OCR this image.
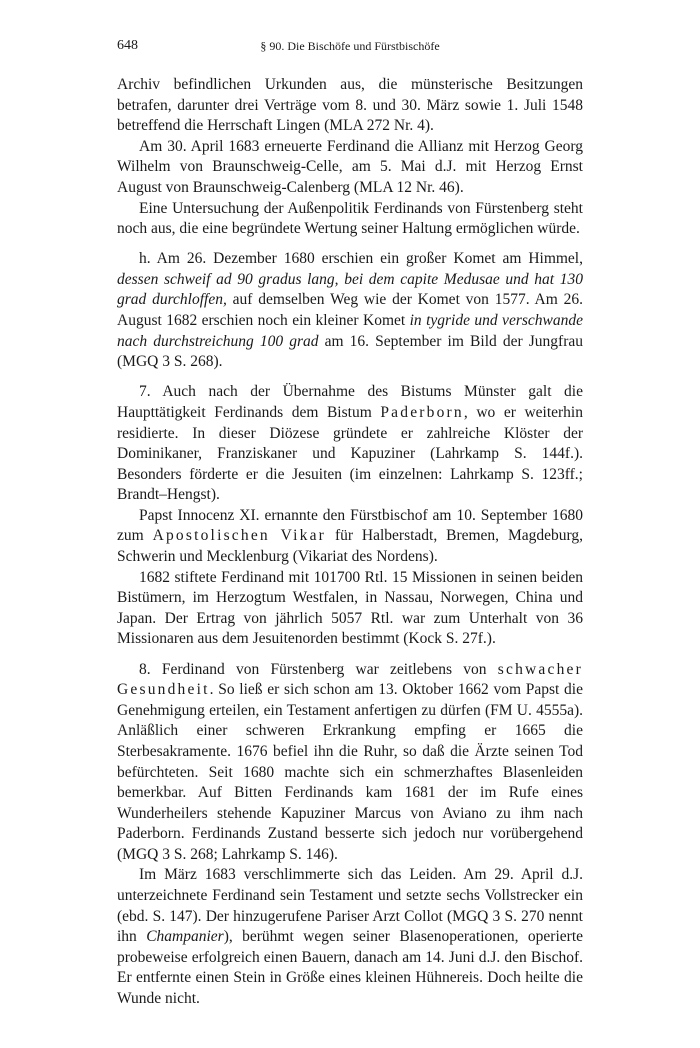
648	§ 90. Die Bischöfe und Fürstbischöfe

Archiv befindlichen Urkunden aus, die münsterische Besitzungen betrafen, darunter drei Verträge vom 8. und 30. März sowie 1. Juli 1548 betreffend die Herrschaft Lingen (MLA 272 Nr. 4).

Am 30. April 1683 erneuerte Ferdinand die Allianz mit Herzog Georg Wilhelm von Braunschweig-Celle, am 5. Mai d.J. mit Herzog Ernst August von Braunschweig-Calenberg (MLA 12 Nr. 46).

Eine Untersuchung der Außenpolitik Ferdinands von Fürstenberg steht noch aus, die eine begründete Wertung seiner Haltung ermöglichen würde.

h. Am 26. Dezember 1680 erschien ein großer Komet am Himmel, dessen schweif ad 90 gradus lang, bei dem capite Medusae und hat 130 grad durchloffen, auf demselben Weg wie der Komet von 1577. Am 26. August 1682 erschien noch ein kleiner Komet in tygride und verschwande nach durchstreichung 100 grad am 16. September im Bild der Jungfrau (MGQ 3 S. 268).

7. Auch nach der Übernahme des Bistums Münster galt die Haupttätigkeit Ferdinands dem Bistum Paderborn, wo er weiterhin residierte. In dieser Diözese gründete er zahlreiche Klöster der Dominikaner, Franziskaner und Kapuziner (Lahrkamp S. 144f.). Besonders förderte er die Jesuiten (im einzelnen: Lahrkamp S. 123ff.; Brandt–Hengst).

Papst Innocenz XI. ernannte den Fürstbischof am 10. September 1680 zum Apostolischen Vikar für Halberstadt, Bremen, Magdeburg, Schwerin und Mecklenburg (Vikariat des Nordens).

1682 stiftete Ferdinand mit 101700 Rtl. 15 Missionen in seinen beiden Bistümern, im Herzogtum Westfalen, in Nassau, Norwegen, China und Japan. Der Ertrag von jährlich 5057 Rtl. war zum Unterhalt von 36 Missionaren aus dem Jesuitenorden bestimmt (Kock S. 27f.).

8. Ferdinand von Fürstenberg war zeitlebens von schwacher Gesundheit. So ließ er sich schon am 13. Oktober 1662 vom Papst die Genehmigung erteilen, ein Testament anfertigen zu dürfen (FM U. 4555a). Anläßlich einer schweren Erkrankung empfing er 1665 die Sterbesakramente. 1676 befiel ihn die Ruhr, so daß die Ärzte seinen Tod befürchteten. Seit 1680 machte sich ein schmerzhaftes Blasenleiden bemerkbar. Auf Bitten Ferdinands kam 1681 der im Rufe eines Wunderheilers stehende Kapuziner Marcus von Aviano zu ihm nach Paderborn. Ferdinands Zustand besserte sich jedoch nur vorübergehend (MGQ 3 S. 268; Lahrkamp S. 146).

Im März 1683 verschlimmerte sich das Leiden. Am 29. April d.J. unterzeichnete Ferdinand sein Testament und setzte sechs Vollstrecker ein (ebd. S. 147). Der hinzugerufene Pariser Arzt Collot (MGQ 3 S. 270 nennt ihn Champanier), berühmt wegen seiner Blasenoperationen, operierte probeweise erfolgreich einen Bauern, danach am 14. Juni d.J. den Bischof. Er entfernte einen Stein in Größe eines kleinen Hühnereis. Doch heilte die Wunde nicht.
